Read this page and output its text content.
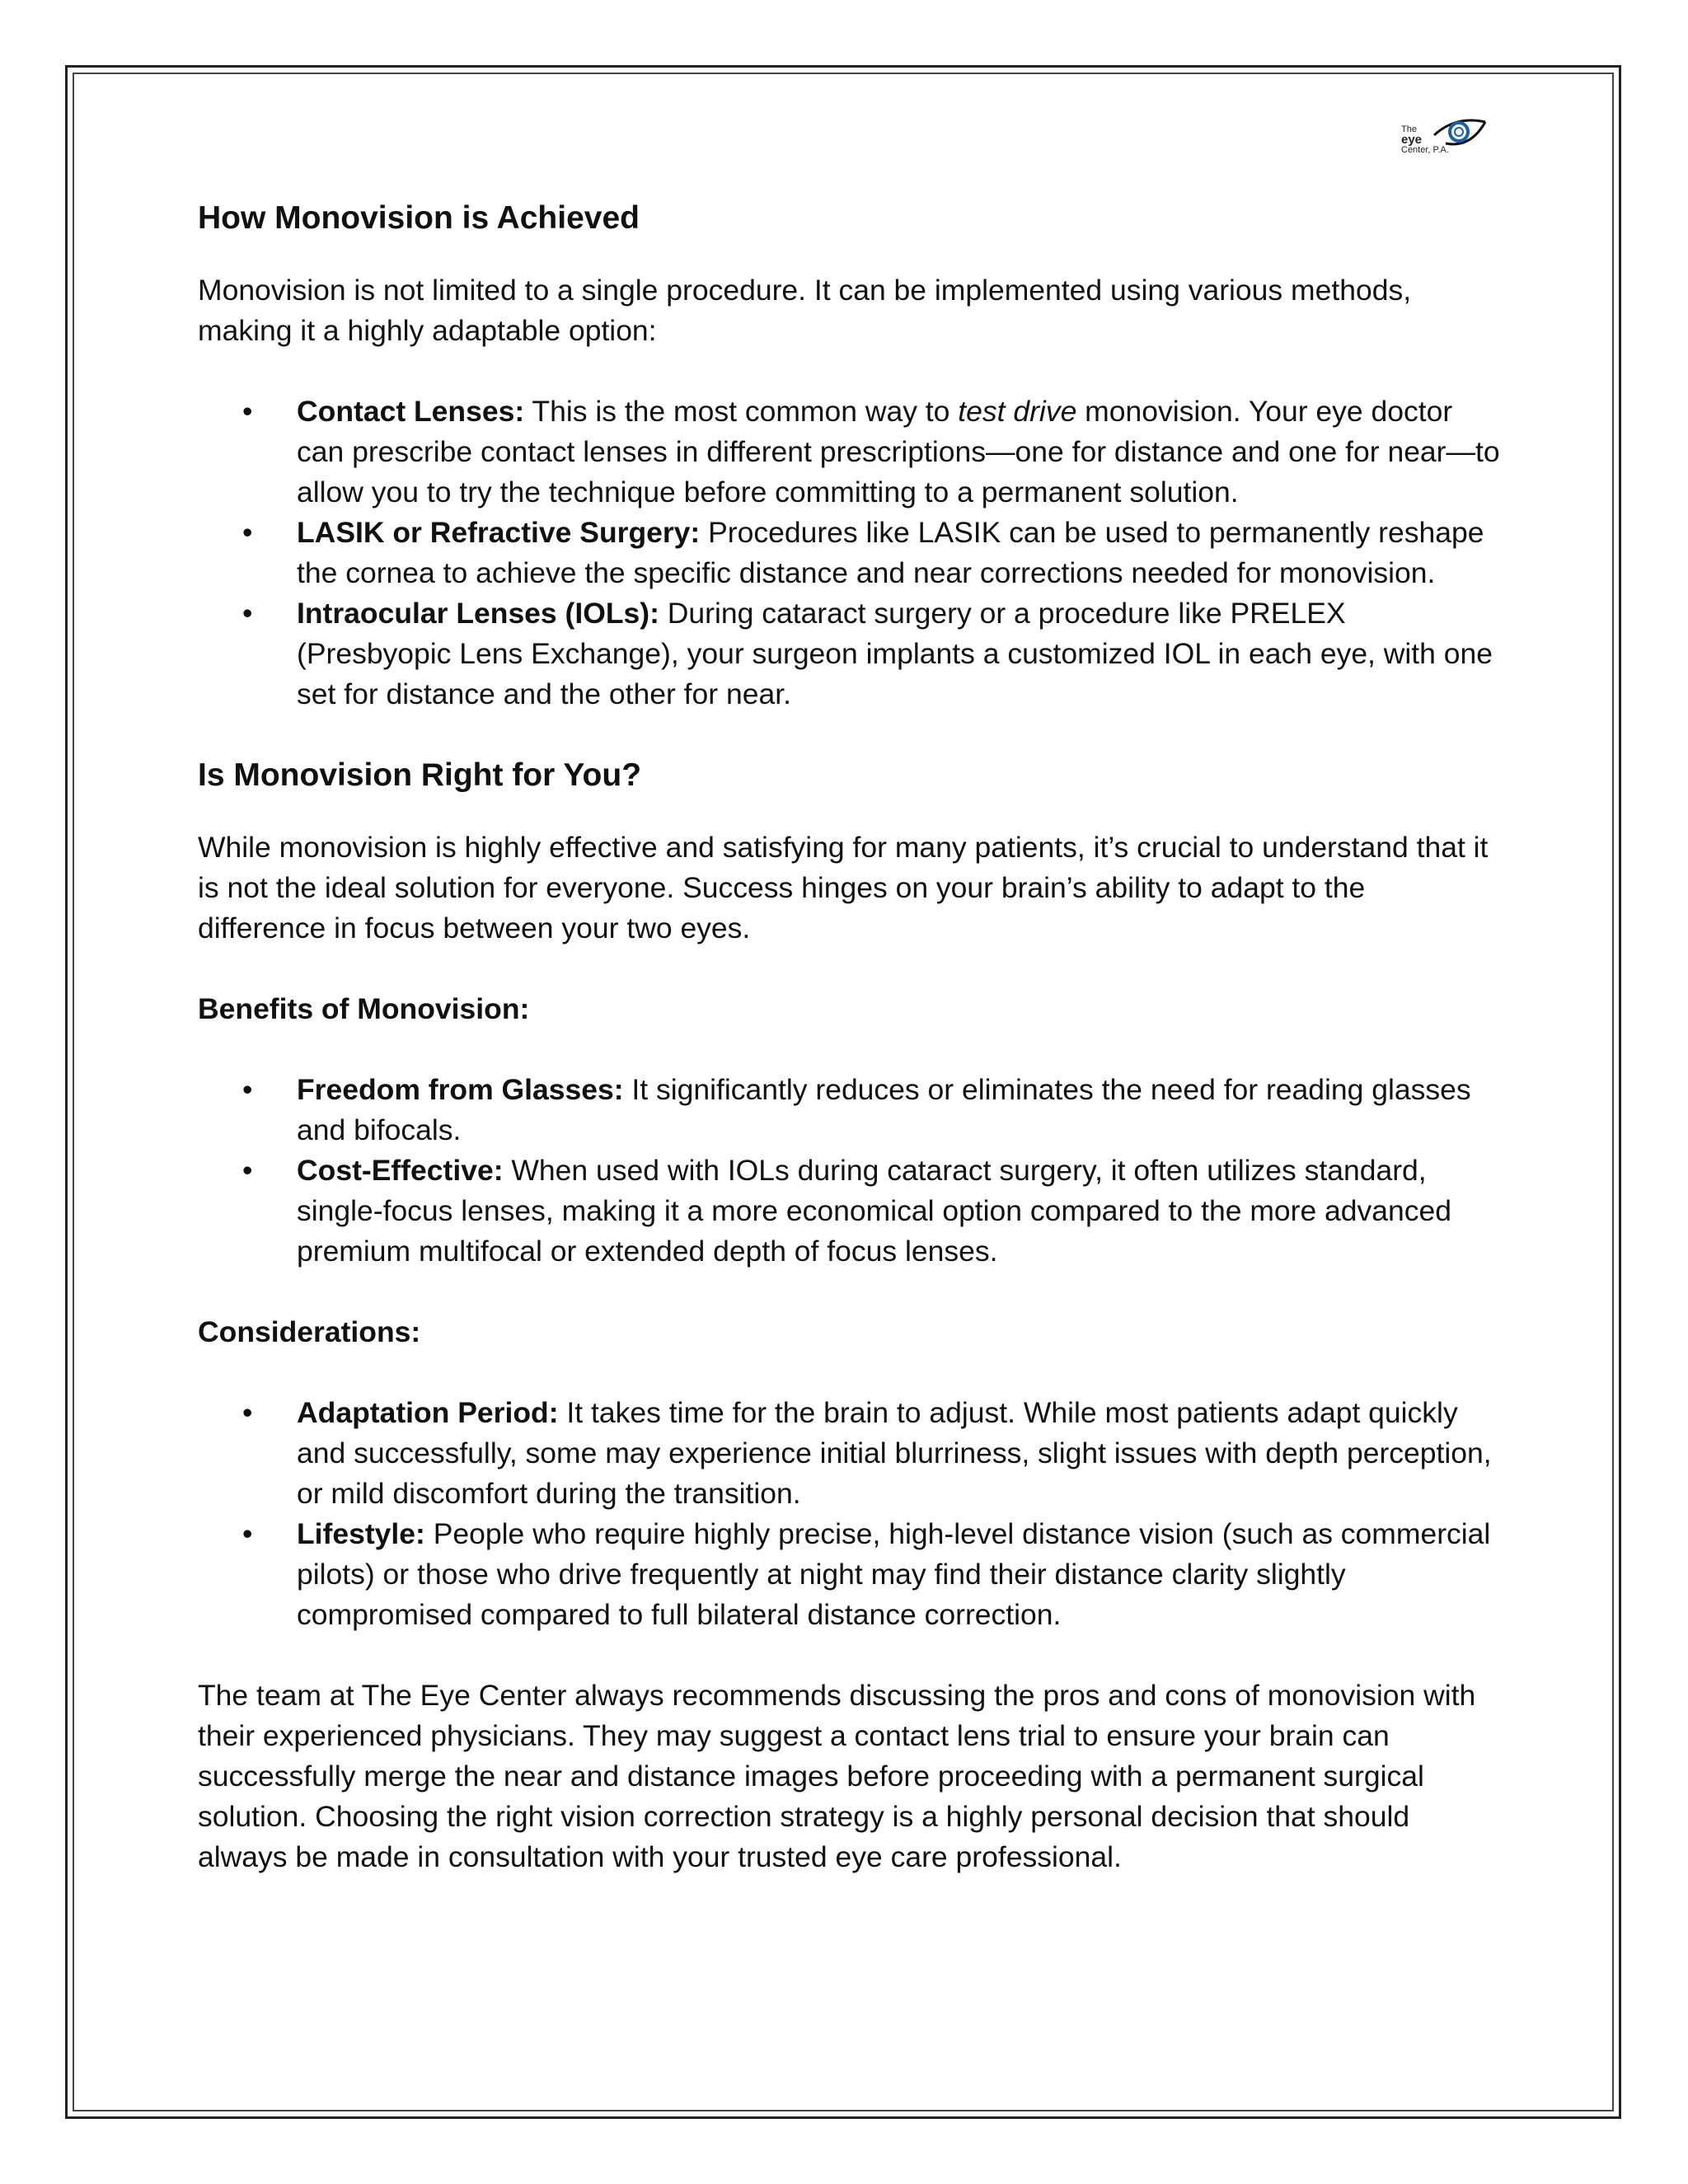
The
eye
Center, P.A.
How Monovision is Achieved

Monovision is not limited to a single procedure. It can be implemented using various methods, making it a highly adaptable option:

• Contact Lenses: This is the most common way to test drive monovision. Your eye doctor can prescribe contact lenses in different prescriptions—one for distance and one for near—to allow you to try the technique before committing to a permanent solution.
• LASIK or Refractive Surgery: Procedures like LASIK can be used to permanently reshape the cornea to achieve the specific distance and near corrections needed for monovision.
• Intraocular Lenses (IOLs): During cataract surgery or a procedure like PRELEX (Presbyopic Lens Exchange), your surgeon implants a customized IOL in each eye, with one set for distance and the other for near.
Is Monovision Right for You?

While monovision is highly effective and satisfying for many patients, it’s crucial to understand that it is not the ideal solution for everyone. Success hinges on your brain’s ability to adapt to the difference in focus between your two eyes.

Benefits of Monovision:
• Freedom from Glasses: It significantly reduces or eliminates the need for reading glasses and bifocals.
• Cost-Effective: When used with IOLs during cataract surgery, it often utilizes standard, single-focus lenses, making it a more economical option compared to the more advanced premium multifocal or extended depth of focus lenses.
Considerations:
• Adaptation Period: It takes time for the brain to adjust. While most patients adapt quickly and successfully, some may experience initial blurriness, slight issues with depth perception, or mild discomfort during the transition.
• Lifestyle: People who require highly precise, high-level distance vision (such as commercial pilots) or those who drive frequently at night may find their distance clarity slightly compromised compared to full bilateral distance correction.

The team at The Eye Center always recommends discussing the pros and cons of monovision with their experienced physicians. They may suggest a contact lens trial to ensure your brain can successfully merge the near and distance images before proceeding with a permanent surgical solution. Choosing the right vision correction strategy is a highly personal decision that should always be made in consultation with your trusted eye care professional.
